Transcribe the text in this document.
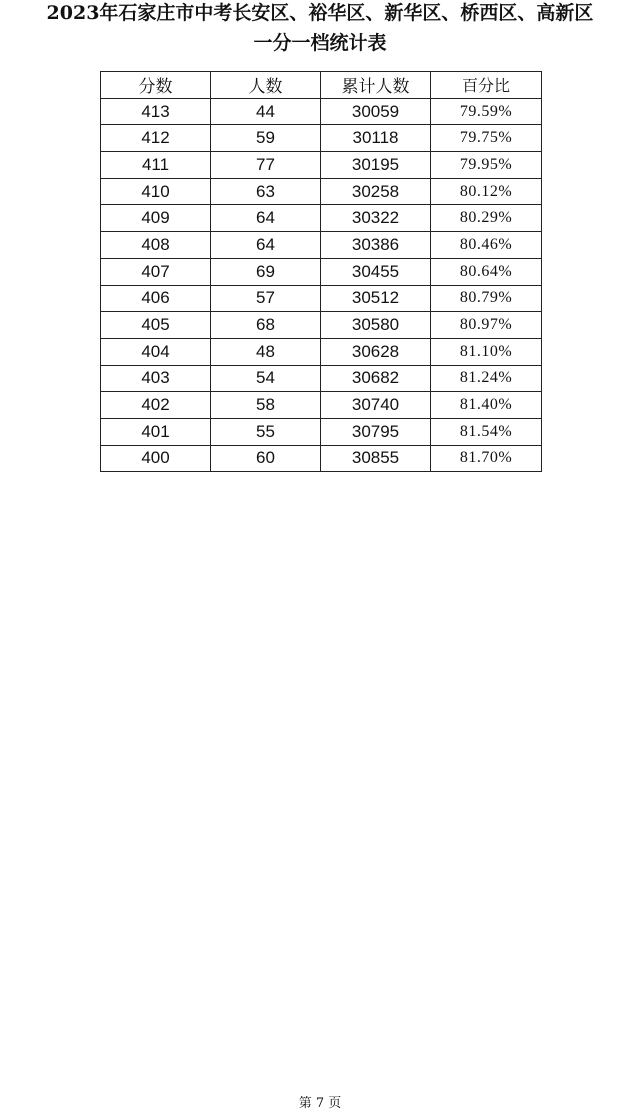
2023年石家庄市中考长安区、裕华区、新华区、桥西区、高新区
一分一档统计表
分数	人数	累计人数	百分比
413	44	30059	79.59%
412	59	30118	79.75%
411	77	30195	79.95%
410	63	30258	80.12%
409	64	30322	80.29%
408	64	30386	80.46%
407	69	30455	80.64%
406	57	30512	80.79%
405	68	30580	80.97%
404	48	30628	81.10%
403	54	30682	81.24%
402	58	30740	81.40%
401	55	30795	81.54%
400	60	30855	81.70%
第 7 页
